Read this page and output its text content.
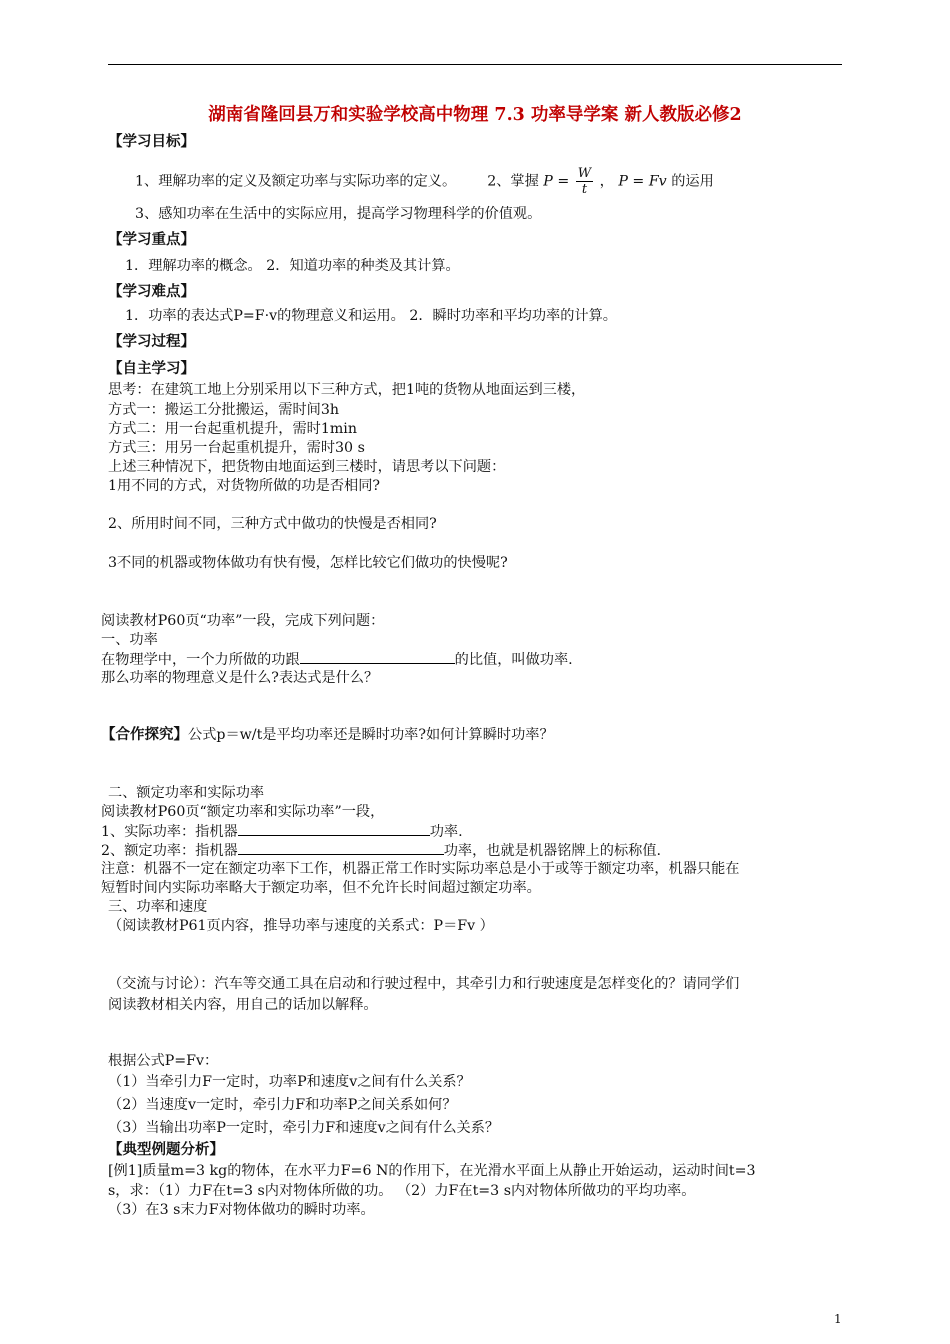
湖南省隆回县万和实验学校高中物理 7.3 功率导学案 新人教版必修2
【学习目标】
1、理解功率的定义及额定功率与实际功率的定义。 2、掌握 $P = \frac{W}{t}$ ， P = Fv 的运用
3、感知功率在生活中的实际应用，提高学习物理科学的价值观。
【学习重点】
1．理解功率的概念。 2．知道功率的种类及其计算。
【学习难点】
1．功率的表达式P=F·v的物理意义和运用。 2．瞬时功率和平均功率的计算。
【学习过程】
【自主学习】
思考：在建筑工地上分别采用以下三种方式，把1吨的货物从地面运到三楼，
方式一：搬运工分批搬运，需时间3h
方式二：用一台起重机提升，需时1min
方式三：用另一台起重机提升，需时30 s
上述三种情况下，把货物由地面运到三楼时，请思考以下问题：
1用不同的方式，对货物所做的功是否相同?
2、所用时间不同，三种方式中做功的快慢是否相同?
3不同的机器或物体做功有快有慢，怎样比较它们做功的快慢呢?
阅读教材P60页“功率”一段，完成下列问题：
一、功率
在物理学中，一个力所做的功跟	的比值，叫做功率.
那么功率的物理意义是什么?表达式是什么？
【合作探究】公式p＝w/t是平均功率还是瞬时功率?如何计算瞬时功率？
二、额定功率和实际功率
阅读教材P60页“额定功率和实际功率”一段，
1、实际功率：指机器	功率.
2、额定功率：指机器	功率，也就是机器铭牌上的标称值.
注意：机器不一定在额定功率下工作，机器正常工作时实际功率总是小于或等于额定功率，机器只能在
短暂时间内实际功率略大于额定功率，但不允许长时间超过额定功率。
三、功率和速度
（阅读教材P61页内容，推导功率与速度的关系式：P＝Fv ）
（交流与讨论）：汽车等交通工具在启动和行驶过程中，其牵引力和行驶速度是怎样变化的？请同学们
阅读教材相关内容，用自己的话加以解释。
根据公式P=Fv：
（1）当牵引力F一定时，功率P和速度v之间有什么关系？
（2）当速度v一定时，牵引力F和功率P之间关系如何？
（3）当输出功率P一定时，牵引力F和速度v之间有什么关系？
【典型例题分析】
[例1]质量m=3 kg的物体，在水平力F=6 N的作用下，在光滑水平面上从静止开始运动，运动时间t=3
s，求：（1）力F在t=3 s内对物体所做的功。 （2）力F在t=3 s内对物体所做功的平均功率。
（3）在3 s末力F对物体做功的瞬时功率。
1
